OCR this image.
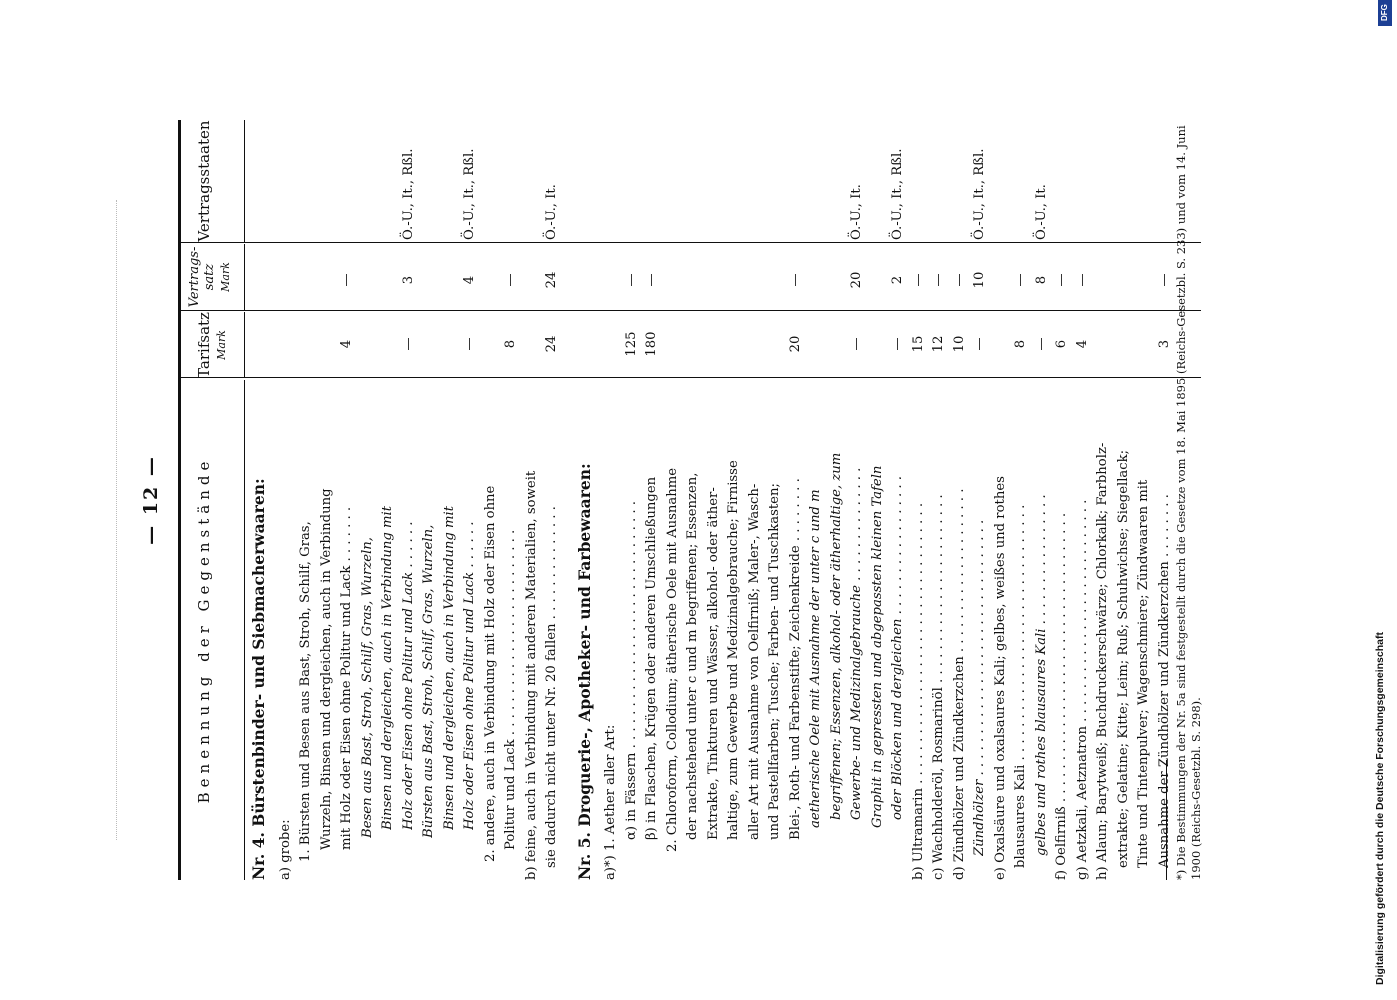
— 12 — Benennung der Gegenstände
Tarifsatz Mark
Vertrags- satz Mark
Vertragsstaaten
Nr. 4. Bürstenbinder- und Siebmacherwaaren: a) grobe: 1. Bürsten und Besen aus Bast, Stroh, Schilf, Gras, Wurzeln, Binsen und dergleichen, auch in Verbindung mit Holz oder Eisen ohne Politur und Lack . . . . . . .
4
—
Besen aus Bast, Stroh, Schilf, Gras, Wurzeln, Binsen und dergleichen, auch in Verbindung mit Holz oder Eisen ohne Politur und Lack . . . . . .
—
3
Ö.-U., It., Rßl.
Bürsten aus Bast, Stroh, Schilf, Gras, Wurzeln, Binsen und dergleichen, auch in Verbindung mit Holz oder Eisen ohne Politur und Lack . . . . . .
—
4
Ö.-U., It., Rßl.
2. andere, auch in Verbindung mit Holz oder Eisen ohne Politur und Lack . . . . . . . . . . . . . . . . . . . . . . . . .
8
—
b) feine, auch in Verbindung mit anderen Materialien, soweit sie dadurch nicht unter Nr. 20 fallen . . . . . . . . . . . . . .
24
24
Ö.-U., It.
Nr. 5. Droguerie-, Apotheker- und Farbewaaren: a)*) 1. Aether aller Art: α) in Fässern . . . . . . . . . . . . . . . . . . . . . . . . . . . . . .
125
—
β) in Flaschen, Krügen oder anderen Umschließungen
180
—
2. Chloroform, Collodium; ätherische Oele mit Ausnahme der nachstehend unter c und m begriffenen; Essenzen, Extrakte, Tinkturen und Wässer, alkohol- oder äther- haltige, zum Gewerbe und Medizinalgebrauche; Firnisse aller Art mit Ausnahme von Oelfirniß; Maler-, Wasch- und Pastellfarben; Tusche; Farben- und Tuschkasten; Blei-, Roth- und Farbenstifte; Zeichenkreide . . . . . . . .
20
—
aetherische Oele mit Ausnahme der unter c und m begriffenen; Essenzen, alkohol- oder ätherhaltige, zum Gewerbe- und Medizinalgebrauche . . . . . . . . . . . . . .
—
20
Ö.-U., It.
Graphit in gepressten und abgepassten kleinen Tafeln oder Blöcken und dergleichen . . . . . . . . . . . . . . . . .
—
2
Ö.-U., It., Rßl.
b) Ultramarin . . . . . . . . . . . . . . . . . . . . . . . . . . . . . . . . . .
15
—
c) Wachholderöl, Rosmarinöl . . . . . . . . . . . . . . . . . . . . . . .
12
—
d) Zündhölzer und Zündkerzchen . . . . . . . . . . . . . . . . . . . .
10
—
Zündhölzer . . . . . . . . . . . . . . . . . . . . . . . . . . . . . . .
—
10
Ö.-U., It., Rßl.
e) Oxalsäure und oxalsaures Kali; gelbes, weißes und rothes blausaures Kali . . . . . . . . . . . . . . . . . . . . . . . . . . . . . . .
8
—
gelbes und rothes blausaures Kali . . . . . . . . . . . . . . . .
—
8
Ö.-U., It.
f) Oelfirniß . . . . . . . . . . . . . . . . . . . . . . . . . . . . . . . . . . .
6
—
g) Aetzkali, Aetznatron . . . . . . . . . . . . . . . . . . . . . . . . . . .
4
—
h) Alaun; Barytweiß; Buchdruckerschwärze; Chlorkalk; Farbholz- extrakte; Gelatine; Kitte; Leim; Ruß; Schuhwichse; Siegellack; Tinte und Tintenpulver; Wagenschmiere; Zündwaaren mit Ausnahme der Zündhölzer und Zündkerzchen . . . . . . . .
3
— *) Die Bestimmungen der Nr. 5a sind festgestellt durch die Gesetze vom 18. Mai 1895 (Reichs-Gesetzbl. S. 233) und vom 14. Juni 1900 (Reichs-Gesetzbl. S. 298).	Digitalisierung gefördert durch die Deutsche Forschungsgemeinschaft
DFG
